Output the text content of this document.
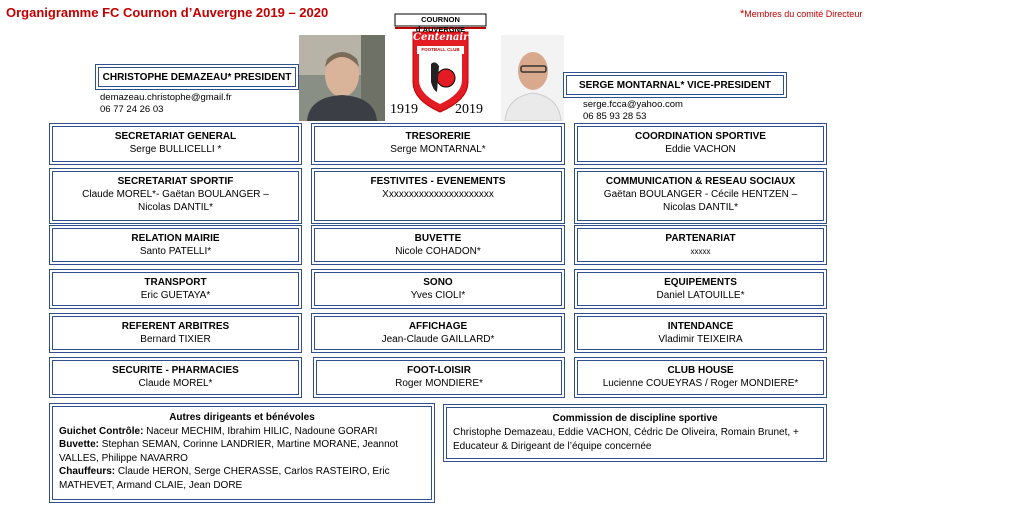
Organigramme FC Cournon d’Auvergne 2019 – 2020	*Membres du comité Directeur
CHRISTOPHE DEMAZEAU* PRESIDENT
demazeau.christophe@gmail.fr
06 77 24 26 03
COURNON d’AUVERGNE
Centenaire
FOOTBALL CLUB
1919	2019
SERGE MONTARNAL* VICE-PRESIDENT
serge.fcca@yahoo.com
06 85 93 28 53
SECRETARIAT GENERAL
Serge BULLICELLI *
TRESORERIE
Serge MONTARNAL*
COORDINATION SPORTIVE
Eddie VACHON
SECRETARIAT SPORTIF
Claude MOREL*- Gaëtan BOULANGER –
Nicolas DANTIL*
FESTIVITES - EVENEMENTS
Xxxxxxxxxxxxxxxxxxxxxx
COMMUNICATION & RESEAU SOCIAUX
Gaëtan BOULANGER - Cécile HENTZEN –
Nicolas DANTIL*
RELATION MAIRIE
Santo PATELLI*
BUVETTE
Nicole COHADON*
PARTENARIAT
xxxxx
TRANSPORT
Eric GUETAYA*
SONO
Yves CIOLI*
EQUIPEMENTS
Daniel LATOUILLE*
REFERENT ARBITRES
Bernard TIXIER
AFFICHAGE
Jean-Claude GAILLARD*
INTENDANCE
Vladimir TEIXEIRA
SECURITE - PHARMACIES
Claude MOREL*
FOOT-LOISIR
Roger MONDIERE*
CLUB HOUSE
Lucienne COUEYRAS / Roger MONDIERE*
Autres dirigeants et bénévoles
Guichet Contrôle: Naceur MECHIM, Ibrahim HILIC, Nadoune GORARI
Buvette: Stephan SEMAN, Corinne LANDRIER, Martine MORANE, Jeannot VALLES, Philippe NAVARRO
Chauffeurs: Claude HERON, Serge CHERASSE, Carlos RASTEIRO, Eric MATHEVET, Armand CLAIE, Jean DORE
Commission de discipline sportive
Christophe Demazeau, Eddie VACHON, Cédric De Oliveira, Romain Brunet, + Educateur & Dirigeant de l’équipe concernée
